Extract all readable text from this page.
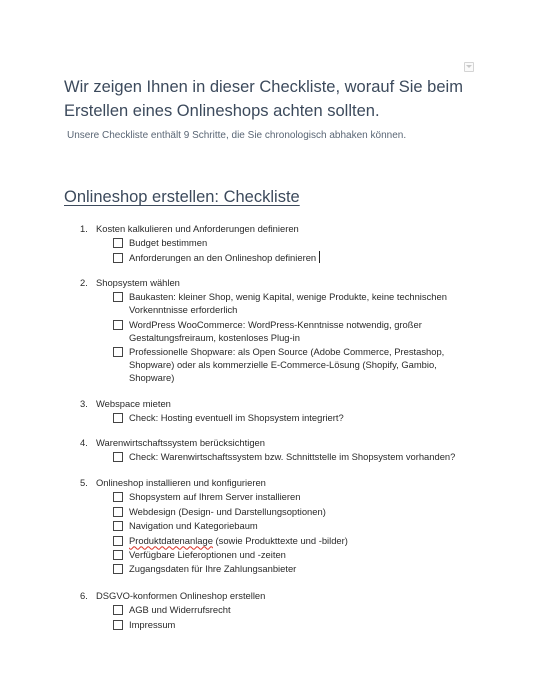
Wir zeigen Ihnen in dieser Checkliste, worauf Sie beim Erstellen eines Onlineshops achten sollten.

Unsere Checkliste enthält 9 Schritte, die Sie chronologisch abhaken können.

Onlineshop erstellen: Checkliste
1. Kosten kalkulieren und Anforderungen definieren
Budget bestimmen
Anforderungen an den Onlineshop definieren
2. Shopsystem wählen
Baukasten: kleiner Shop, wenig Kapital, wenige Produkte, keine technischen Vorkenntnisse erforderlich
WordPress WooCommerce: WordPress-Kenntnisse notwendig, großer Gestaltungsfreiraum, kostenloses Plug-in
Professionelle Shopware: als Open Source (Adobe Commerce, Prestashop, Shopware) oder als kommerzielle E-Commerce-Lösung (Shopify, Gambio, Shopware)
3. Webspace mieten
Check: Hosting eventuell im Shopsystem integriert?
4. Warenwirtschaftssystem berücksichtigen
Check: Warenwirtschaftssystem bzw. Schnittstelle im Shopsystem vorhanden?
5. Onlineshop installieren und konfigurieren
Shopsystem auf Ihrem Server installieren
Webdesign (Design- und Darstellungsoptionen)
Navigation und Kategoriebaum
Produktdatenanlage (sowie Produkttexte und -bilder)
Verfügbare Lieferoptionen und -zeiten
Zugangsdaten für Ihre Zahlungsanbieter
6. DSGVO-konformen Onlineshop erstellen
AGB und Widerrufsrecht
Impressum
